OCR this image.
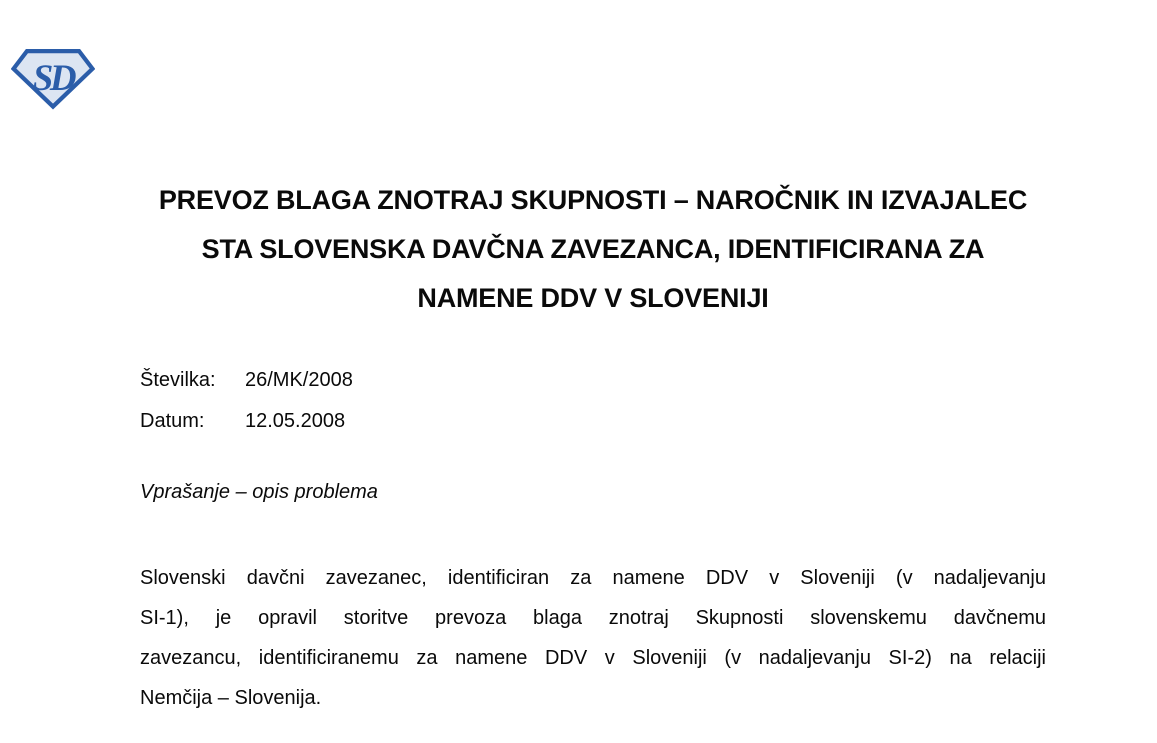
SD
PREVOZ BLAGA ZNOTRAJ SKUPNOSTI – NAROČNIK IN IZVAJALEC
STA SLOVENSKA DAVČNA ZAVEZANCA, IDENTIFICIRANA ZA
NAMENE DDV V SLOVENIJI
Številka: 26/MK/2008
Datum: 12.05.2008
Vprašanje – opis problema
Slovenski davčni zavezanec, identificiran za namene DDV v Sloveniji (v nadaljevanju
SI-1), je opravil storitve prevoza blaga znotraj Skupnosti slovenskemu davčnemu
zavezancu, identificiranemu za namene DDV v Sloveniji (v nadaljevanju SI-2) na relaciji
Nemčija – Slovenija.
